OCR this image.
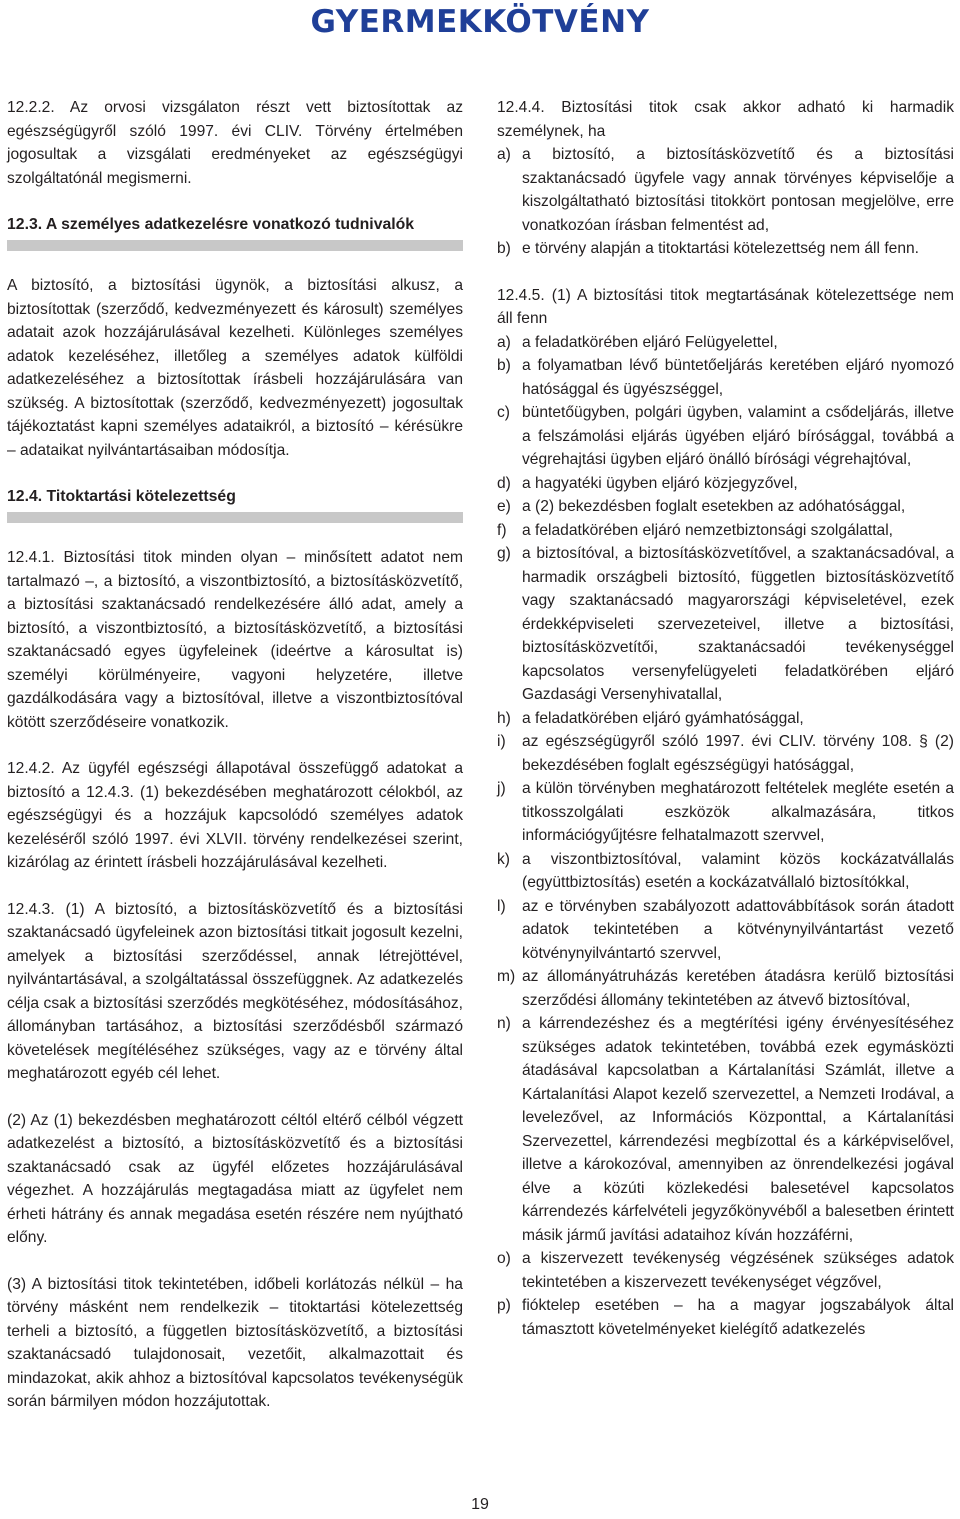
GYERMEKKÖTVÉNY

12.2.2. Az orvosi vizsgálaton részt vett biztosítottak az egészségügyről szóló 1997. évi CLIV. Törvény értelmében jogosultak a vizsgálati eredményeket az egészségügyi szolgáltatónál megismerni.

12.3. A személyes adatkezelésre vonatkozó tudnivalók

A biztosító, a biztosítási ügynök, a biztosítási alkusz, a biztosítottak (szerződő, kedvezményezett és károsult) személyes adatait azok hozzájárulásával kezelheti. Különleges személyes adatok kezeléséhez, illetőleg a személyes adatok külföldi adatkezeléséhez a biztosítottak írásbeli hozzájárulására van szükség. A biztosítottak (szerződő, kedvezményezett) jogosultak tájékoztatást kapni személyes adataikról, a biztosító – kérésükre – adataikat nyilvántartásaiban módosítja.

12.4. Titoktartási kötelezettség

12.4.1. Biztosítási titok minden olyan – minősített adatot nem tartalmazó –, a biztosító, a viszontbiztosító, a biztosításközvetítő, a biztosítási szaktanácsadó rendelkezésére álló adat, amely a biztosító, a viszontbiztosító, a biztosításközvetítő, a biztosítási szaktanácsadó egyes ügyfeleinek (ideértve a károsultat is) személyi körülményeire, vagyoni helyzetére, illetve gazdálkodására vagy a biztosítóval, illetve a viszontbiztosítóval kötött szerződéseire vonatkozik.

12.4.2. Az ügyfél egészségi állapotával összefüggő adatokat a biztosító a 12.4.3. (1) bekezdésében meghatározott célokból, az egészségügyi és a hozzájuk kapcsolódó személyes adatok kezeléséről szóló 1997. évi XLVII. törvény rendelkezései szerint, kizárólag az érintett írásbeli hozzájárulásával kezelheti.

12.4.3. (1) A biztosító, a biztosításközvetítő és a biztosítási szaktanácsadó ügyfeleinek azon biztosítási titkait jogosult kezelni, amelyek a biztosítási szerződéssel, annak létrejöttével, nyilvántartásával, a szolgáltatással összefüggnek. Az adatkezelés célja csak a biztosítási szerződés megkötéséhez, módosításához, állományban tartásához, a biztosítási szerződésből származó követelések megítéléséhez szükséges, vagy az e törvény által meghatározott egyéb cél lehet.

(2) Az (1) bekezdésben meghatározott céltól eltérő célból végzett adatkezelést a biztosító, a biztosításközvetítő és a biztosítási szaktanácsadó csak az ügyfél előzetes hozzájárulásával végezhet. A hozzájárulás megtagadása miatt az ügyfelet nem érheti hátrány és annak megadása esetén részére nem nyújtható előny.

(3) A biztosítási titok tekintetében, időbeli korlátozás nélkül – ha törvény másként nem rendelkezik – titoktartási kötelezettség terheli a biztosító, a független biztosításközvetítő, a biztosítási szaktanácsadó tulajdonosait, vezetőit, alkalmazottait és mindazokat, akik ahhoz a biztosítóval kapcsolatos tevékenységük során bármilyen módon hozzájutottak.

12.4.4. Biztosítási titok csak akkor adható ki harmadik személynek, ha

a) a biztosító, a biztosításközvetítő és a biztosítási szaktanácsadó ügyfele vagy annak törvényes képviselője a kiszolgáltatható biztosítási titokkört pontosan megjelölve, erre vonatkozóan írásban felmentést ad,
b) e törvény alapján a titoktartási kötelezettség nem áll fenn.

12.4.5. (1) A biztosítási titok megtartásának kötelezettsége nem áll fenn

a) a feladatkörében eljáró Felügyelettel,
b) a folyamatban lévő büntetőeljárás keretében eljáró nyomozó hatósággal és ügyészséggel,
c) büntetőügyben, polgári ügyben, valamint a csődeljárás, illetve a felszámolási eljárás ügyében eljáró bírósággal, továbbá a végrehajtási ügyben eljáró önálló bírósági végrehajtóval,
d) a hagyatéki ügyben eljáró közjegyzővel,
e) a (2) bekezdésben foglalt esetekben az adóhatósággal,
f) a feladatkörében eljáró nemzetbiztonsági szolgálattal,
g) a biztosítóval, a biztosításközvetítővel, a szaktanácsadóval, a harmadik országbeli biztosító, független biztosításközvetítő vagy szaktanácsadó magyarországi képviseletével, ezek érdekképviseleti szervezeteivel, illetve a biztosítási, biztosításközvetítői, szaktanácsadói tevékenységgel kapcsolatos versenyfelügyeleti feladatkörében eljáró Gazdasági Versenyhivatallal,
h) a feladatkörében eljáró gyámhatósággal,
i) az egészségügyről szóló 1997. évi CLIV. törvény 108. § (2) bekezdésében foglalt egészségügyi hatósággal,
j) a külön törvényben meghatározott feltételek megléte esetén a titkosszolgálati eszközök alkalmazására, titkos információgyűjtésre felhatalmazott szervvel,
k) a viszontbiztosítóval, valamint közös kockázatvállalás (együttbiztosítás) esetén a kockázatvállaló biztosítókkal,
l) az e törvényben szabályozott adattovábbítások során átadott adatok tekintetében a kötvénynyilvántartást vezető kötvénynyilvántartó szervvel,
m) az állományátruházás keretében átadásra kerülő biztosítási szerződési állomány tekintetében az átvevő biztosítóval,
n) a kárrendezéshez és a megtérítési igény érvényesítéséhez szükséges adatok tekintetében, továbbá ezek egymásközti átadásával kapcsolatban a Kártalanítási Számlát, illetve a Kártalanítási Alapot kezelő szervezettel, a Nemzeti Irodával, a levelezővel, az Információs Központtal, a Kártalanítási Szervezettel, kárrendezési megbízottal és a kárképviselővel, illetve a károkozóval, amennyiben az önrendelkezési jogával élve a közúti közlekedési balesetével kapcsolatos kárrendezés kárfelvételi jegyzőkönyvéből a balesetben érintett másik jármű javítási adataihoz kíván hozzáférni,
o) a kiszervezett tevékenység végzésének szükséges adatok tekintetében a kiszervezett tevékenységet végzővel,
p) fióktelep esetében – ha a magyar jogszabályok által támasztott követelményeket kielégítő adatkezelés
19
